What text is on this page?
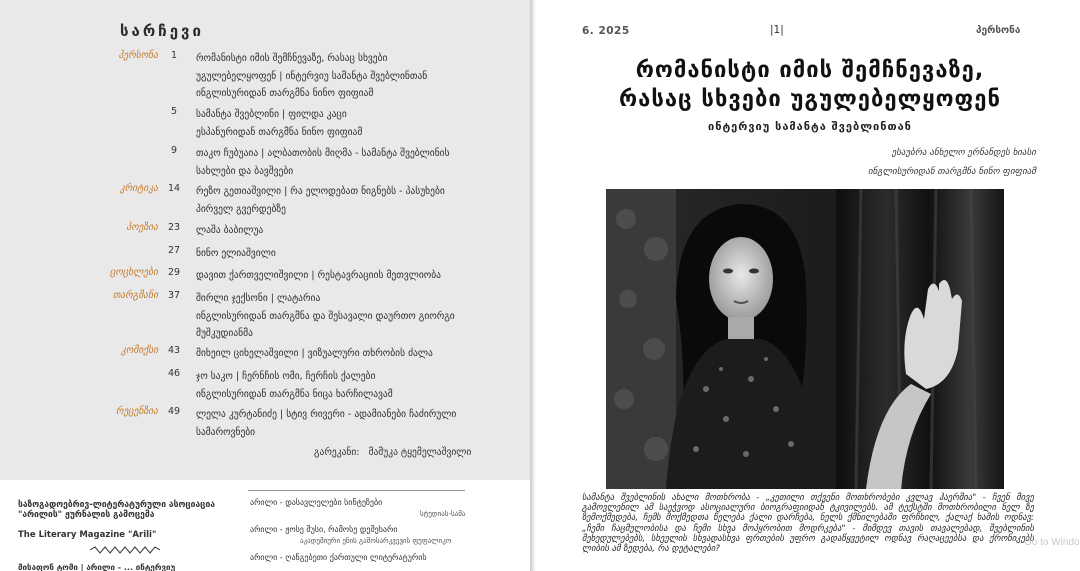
სარჩევი
პერსონა	1	რომანისტი იმის შემჩნევაზე, რასაც სხვები
უგულებელყოფენ | ინტერვიუ სამანტა შვებლინთან
ინგლისურიდან თარგმნა ნინო ფიფიამ
5	სამანტა შვებლინი | ფილდა კაცი
ესპანურიდან თარგმნა ნინო ფიფიამ
9	თაკო ჩუბუაია | ალბათობის მიღმა - სამანტა შვებლინის
სახლები და ბავშვები
კრიტიკა	14	რეზო გეთიაშვილი | რა ელოდებათ ნიგნებს - პასუხები
პირველ გვერდებზე
პოეზია	23	ლაშა ბაბილუა
27	ნინო ელიაშვილი
ცოცხლები	29	დავით ქართველიშვილი | რესტავრაციის მეთვლიობა
თარგმანი	37	შირლი ჯექსონი | ლატარია
ინგლისურიდან თარგმნა და შესავალი დაურთო გიორგი
მუშკუდიანმა
კომიქსი	43	მიხეილ ციხელაშვილი | ვიზუალური თხრობის ძალა
46	ჯო საკო | ჩერნჩის ომი, ჩერჩის ქალები
ინგლისურიდან თარგმნა ნიცა ხარჩილავამ
რეცენზია	49	ლელა კურტანიძე | სტივ რივერი - ადამიანები ჩაძირული
სამაროვნები
გარეკანი: მამუკა ტყემელაშვილი
საზოგადოებრივ-ლიტერატურული ასოციაცია "არილის" ჟურნალის გამოცემა
The Literary Magazine "Arili"
მისაფონ ტომი | არილი - ... ინტერვიუ
არილი - დასავლელები სინტეზები
სტუდიას-სამა
არილი - ჟოსე მუსი, რამოსე დემეხარი
აკადემიური ენის გამოსარკვევის ფუფალიკო
არილი - ღანგებეთი ქართული ლიტერატურის
6. 2025	|1|	პერსონა
რომანისტი იმის შემჩნევაზე,
რასაც სხვები უგულებელყოფენ
ინტერვიუ სამანტა შვებლინთან
ესაუბრა ანხელო ერნანდეს ხიასი
ინგლისურიდან თარგმნა ნინო ფიფიამ
სამანტა შვებლინის ახალი მოთხრობა - „კეთილი თქვენი მოთხრობები კვლავ ჰაერშია" - ჩვენ მივე გამოვლენილ ამ საეჭვოდ ასოციალური ბიოგრაფიიდან ტკივილებს. ამ ტექსტში მოთხრობილი ნელ ზე ზემოქმედება, ჩემს მოქმედთა წელება ქალი დარჩება, ნელს ქმნილებაში ფრჩხილ, ქალაქ ხამის ოდნავ: „ჩემი ჩაცმულობისა და ჩემი სხვა მოპყრობით მოდრკება" - მიმდევ თავის თავალებად, შვებლინის შეხედულებებს, სხეულის სხვადასხვა ფრთების უფრო გადაწყვეტილ ოდნავ რაღაცეებსა და ქრონიკებს ლიბის ამ ზედება, რა დეტალები?
Go to Windo
